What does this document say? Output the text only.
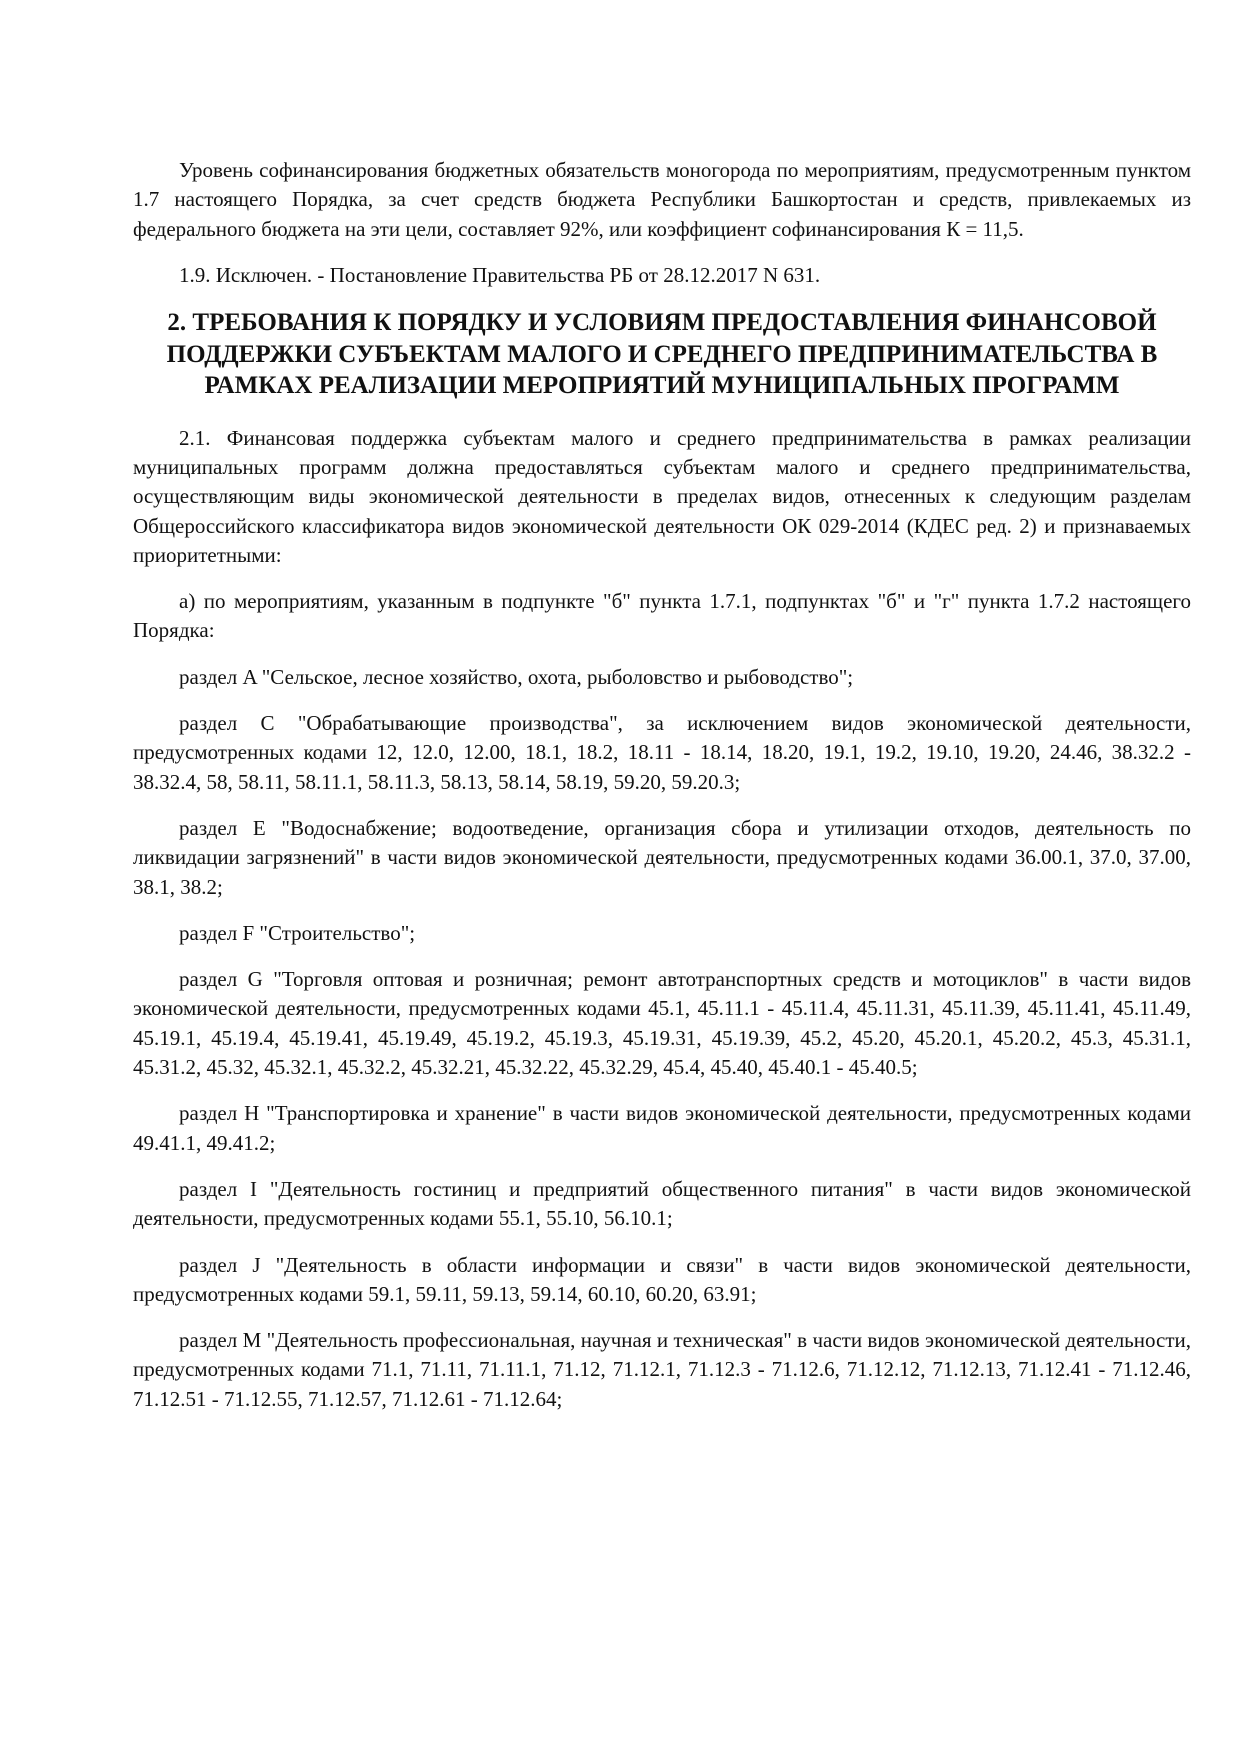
Уровень софинансирования бюджетных обязательств моногорода по мероприятиям, предусмотренным пунктом 1.7 настоящего Порядка, за счет средств бюджета Республики Башкортостан и средств, привлекаемых из федерального бюджета на эти цели, составляет 92%, или коэффициент софинансирования К = 11,5.

1.9. Исключен. - Постановление Правительства РБ от 28.12.2017 N 631.

2. ТРЕБОВАНИЯ К ПОРЯДКУ И УСЛОВИЯМ ПРЕДОСТАВЛЕНИЯ ФИНАНСОВОЙ ПОДДЕРЖКИ СУБЪЕКТАМ МАЛОГО И СРЕДНЕГО ПРЕДПРИНИМАТЕЛЬСТВА В РАМКАХ РЕАЛИЗАЦИИ МЕРОПРИЯТИЙ МУНИЦИПАЛЬНЫХ ПРОГРАММ

2.1. Финансовая поддержка субъектам малого и среднего предпринимательства в рамках реализации муниципальных программ должна предоставляться субъектам малого и среднего предпринимательства, осуществляющим виды экономической деятельности в пределах видов, отнесенных к следующим разделам Общероссийского классификатора видов экономической деятельности ОК 029-2014 (КДЕС ред. 2) и признаваемых приоритетными:

а) по мероприятиям, указанным в подпункте "б" пункта 1.7.1, подпунктах "б" и "г" пункта 1.7.2 настоящего Порядка:

раздел A "Сельское, лесное хозяйство, охота, рыболовство и рыбоводство";

раздел C "Обрабатывающие производства", за исключением видов экономической деятельности, предусмотренных кодами 12, 12.0, 12.00, 18.1, 18.2, 18.11 - 18.14, 18.20, 19.1, 19.2, 19.10, 19.20, 24.46, 38.32.2 - 38.32.4, 58, 58.11, 58.11.1, 58.11.3, 58.13, 58.14, 58.19, 59.20, 59.20.3;

раздел E "Водоснабжение; водоотведение, организация сбора и утилизации отходов, деятельность по ликвидации загрязнений" в части видов экономической деятельности, предусмотренных кодами 36.00.1, 37.0, 37.00, 38.1, 38.2;

раздел F "Строительство";

раздел G "Торговля оптовая и розничная; ремонт автотранспортных средств и мотоциклов" в части видов экономической деятельности, предусмотренных кодами 45.1, 45.11.1 - 45.11.4, 45.11.31, 45.11.39, 45.11.41, 45.11.49, 45.19.1, 45.19.4, 45.19.41, 45.19.49, 45.19.2, 45.19.3, 45.19.31, 45.19.39, 45.2, 45.20, 45.20.1, 45.20.2, 45.3, 45.31.1, 45.31.2, 45.32, 45.32.1, 45.32.2, 45.32.21, 45.32.22, 45.32.29, 45.4, 45.40, 45.40.1 - 45.40.5;

раздел H "Транспортировка и хранение" в части видов экономической деятельности, предусмотренных кодами 49.41.1, 49.41.2;

раздел I "Деятельность гостиниц и предприятий общественного питания" в части видов экономической деятельности, предусмотренных кодами 55.1, 55.10, 56.10.1;

раздел J "Деятельность в области информации и связи" в части видов экономической деятельности, предусмотренных кодами 59.1, 59.11, 59.13, 59.14, 60.10, 60.20, 63.91;

раздел M "Деятельность профессиональная, научная и техническая" в части видов экономической деятельности, предусмотренных кодами 71.1, 71.11, 71.11.1, 71.12, 71.12.1, 71.12.3 - 71.12.6, 71.12.12, 71.12.13, 71.12.41 - 71.12.46, 71.12.51 - 71.12.55, 71.12.57, 71.12.61 - 71.12.64;
